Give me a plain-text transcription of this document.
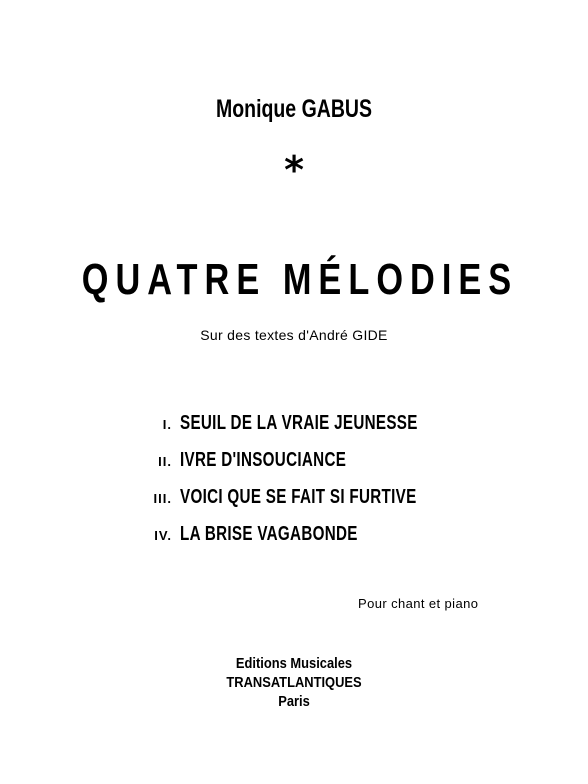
Monique GABUS
*
QUATRE MÉLODIES
Sur des textes d'André GIDE
I. SEUIL DE LA VRAIE JEUNESSE
II. IVRE D'INSOUCIANCE
III. VOICI QUE SE FAIT SI FURTIVE
IV. LA BRISE VAGABONDE
Pour chant et piano
Editions Musicales
TRANSATLANTIQUES
Paris
